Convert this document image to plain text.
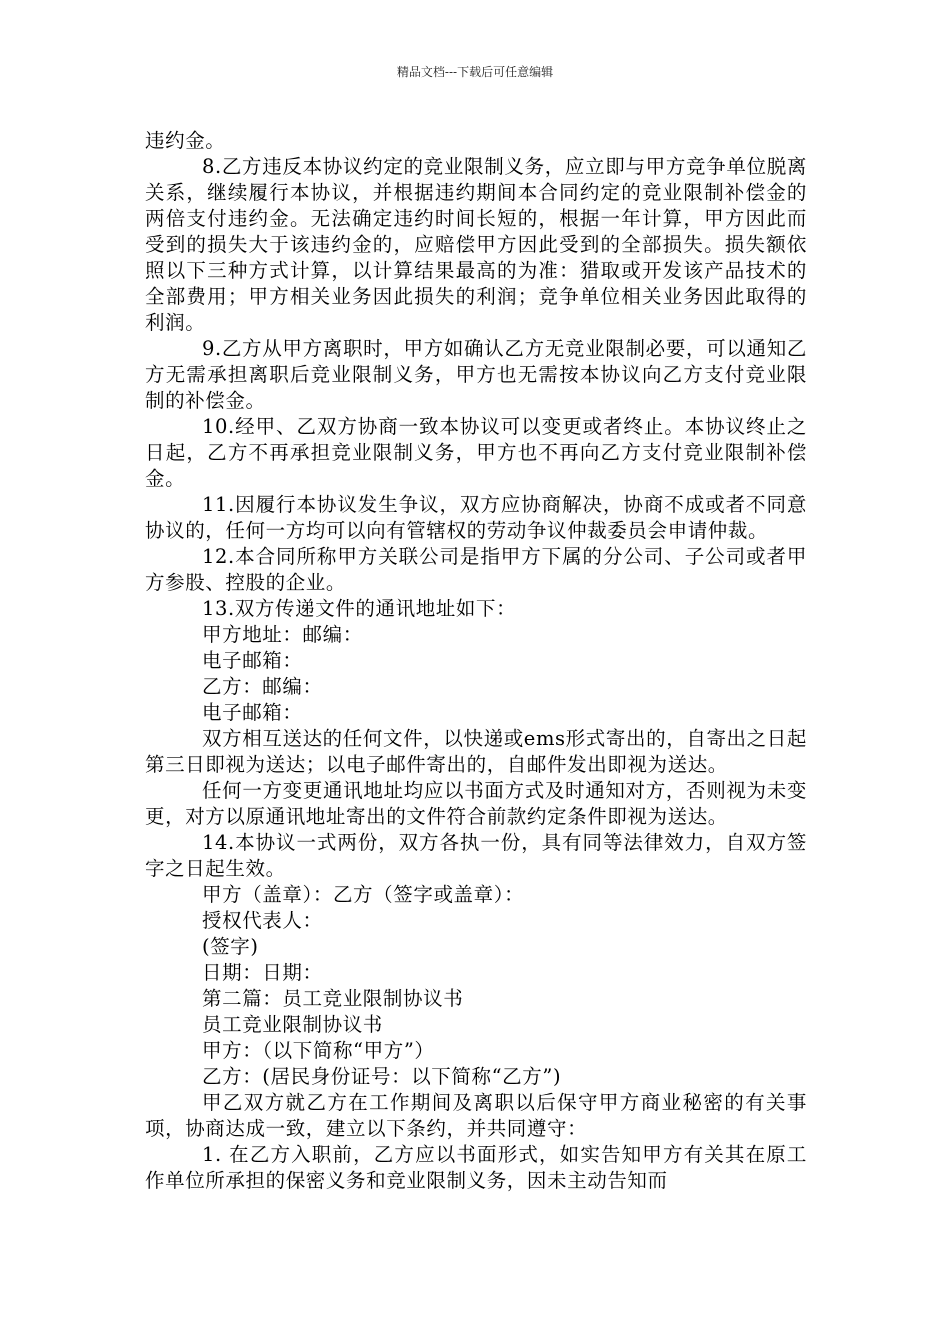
精品文档---下载后可任意编辑

违约金。

8.乙方违反本协议约定的竞业限制义务，应立即与甲方竞争单位脱离关系，继续履行本协议，并根据违约期间本合同约定的竞业限制补偿金的两倍支付违约金。无法确定违约时间长短的，根据一年计算，甲方因此而受到的损失大于该违约金的，应赔偿甲方因此受到的全部损失。损失额依照以下三种方式计算，以计算结果最高的为准：猎取或开发该产品技术的全部费用；甲方相关业务因此损失的利润；竞争单位相关业务因此取得的利润。

9.乙方从甲方离职时，甲方如确认乙方无竞业限制必要，可以通知乙方无需承担离职后竞业限制义务，甲方也无需按本协议向乙方支付竞业限制的补偿金。

10.经甲、乙双方协商一致本协议可以变更或者终止。本协议终止之日起，乙方不再承担竞业限制义务，甲方也不再向乙方支付竞业限制补偿金。

11.因履行本协议发生争议，双方应协商解决，协商不成或者不同意协议的，任何一方均可以向有管辖权的劳动争议仲裁委员会申请仲裁。

12.本合同所称甲方关联公司是指甲方下属的分公司、子公司或者甲方参股、控股的企业。

13.双方传递文件的通讯地址如下：

甲方地址：邮编：

电子邮箱：

乙方：邮编：

电子邮箱：

双方相互送达的任何文件，以快递或ems形式寄出的，自寄出之日起第三日即视为送达；以电子邮件寄出的，自邮件发出即视为送达。

任何一方变更通讯地址均应以书面方式及时通知对方，否则视为未变更，对方以原通讯地址寄出的文件符合前款约定条件即视为送达。

14.本协议一式两份，双方各执一份，具有同等法律效力，自双方签字之日起生效。

甲方（盖章）：乙方（签字或盖章）：

授权代表人：

(签字)

日期：日期：

第二篇：员工竞业限制协议书

员工竞业限制协议书

甲方：（以下简称“甲方”）

乙方：(居民身份证号：以下简称“乙方”)

甲乙双方就乙方在工作期间及离职以后保守甲方商业秘密的有关事项，协商达成一致，建立以下条约，并共同遵守：

1. 在乙方入职前，乙方应以书面形式，如实告知甲方有关其在原工作单位所承担的保密义务和竞业限制义务，因未主动告知而
